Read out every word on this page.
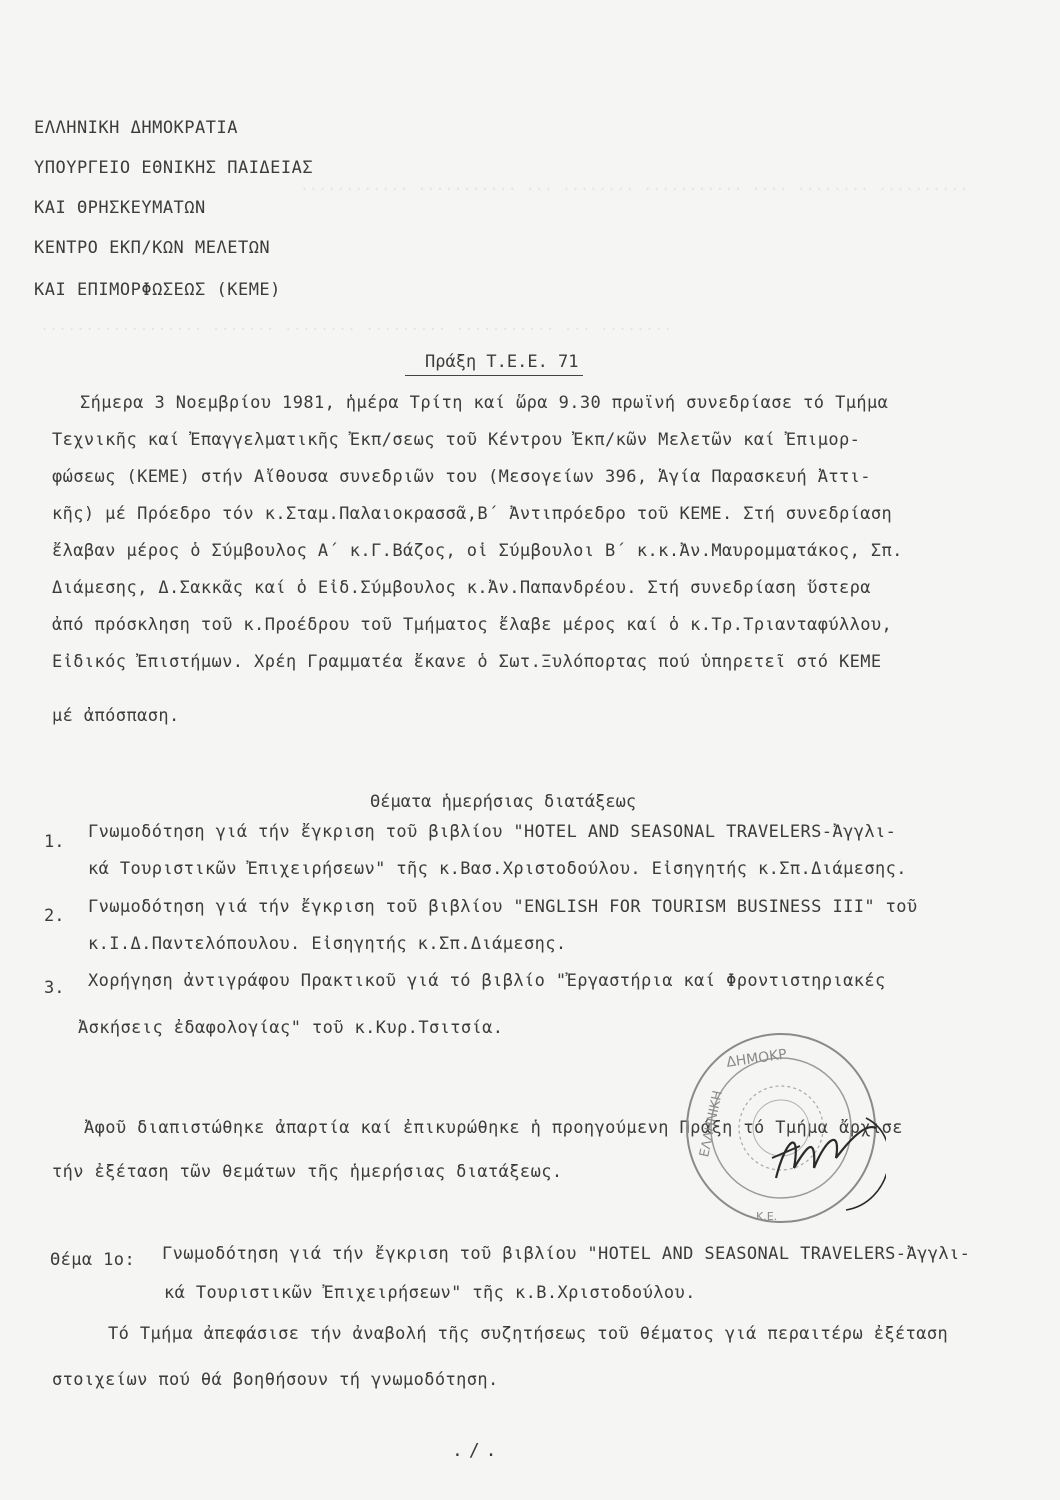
············ ··········· ··· ········ ··········· ···· ········ ··········
·················· ······· ········ ········· ··········· ··· ········
ΕΛΛΗΝΙΚΗ ΔΗΜΟΚΡΑΤΙΑ
ΥΠΟΥΡΓΕΙΟ ΕΘΝΙΚΗΣ ΠΑΙΔΕΙΑΣ
ΚΑΙ ΘΡΗΣΚΕΥΜΑΤΩΝ
ΚΕΝΤΡΟ ΕΚΠ/ΚΩΝ ΜΕΛΕΤΩΝ
ΚΑΙ ΕΠΙΜΟΡΦΩΣΕΩΣ (ΚΕΜΕ)
Πράξη Τ.Ε.Ε. 71
Σήμερα 3 Νοεμβρίου 1981, ἡμέρα Τρίτη καί ὥρα 9.30 πρωϊνή συνεδρίασε τό Τμήμα
Τεχνικῆς καί Ἐπαγγελματικῆς Ἐκπ/σεως τοῦ Κέντρου Ἐκπ/κῶν Μελετῶν καί Ἐπιμορ-
φώσεως (ΚΕΜΕ) στήν Αἴθουσα συνεδριῶν του (Μεσογείων 396, Ἁγία Παρασκευή Ἀττι-
κῆς) μέ Πρόεδρο τόν κ.Σταμ.Παλαιοκρασσᾶ,Β΄ Ἀντιπρόεδρο τοῦ ΚΕΜΕ. Στή συνεδρίαση
ἔλαβαν μέρος ὁ Σύμβουλος Α΄ κ.Γ.Βάζος, οἱ Σύμβουλοι Β΄ κ.κ.Ἀν.Μαυρομματάκος, Σπ.
Διάμεσης, Δ.Σακκᾶς καί ὁ Εἰδ.Σύμβουλος κ.Ἀν.Παπανδρέου. Στή συνεδρίαση ὕστερα
ἀπό πρόσκληση τοῦ κ.Προέδρου τοῦ Τμήματος ἔλαβε μέρος καί ὁ κ.Τρ.Τριανταφύλλου,
Εἰδικός Ἐπιστήμων. Χρέη Γραμματέα ἔκανε ὁ Σωτ.Ξυλόπορτας πού ὑπηρετεῖ στό ΚΕΜΕ
μέ ἀπόσπαση.
Θέματα ἡμερήσιας διατάξεως
1. Γνωμοδότηση γιά τήν ἔγκριση τοῦ βιβλίου "HOTEL AND SEASONAL TRAVELERS-Ἀγγλι-
κά Τουριστικῶν Ἐπιχειρήσεων" τῆς κ.Βασ.Χριστοδούλου. Εἰσηγητής κ.Σπ.Διάμεσης.
2. Γνωμοδότηση γιά τήν ἔγκριση τοῦ βιβλίου "ENGLISH FOR TOURISM BUSINESS III" τοῦ
κ.Ι.Δ.Παντελόπουλου. Εἰσηγητής κ.Σπ.Διάμεσης.
3. Χορήγηση ἀντιγράφου Πρακτικοῦ γιά τό βιβλίο "Ἐργαστήρια καί Φροντιστηριακές
Ἀσκήσεις ἐδαφολογίας" τοῦ κ.Κυρ.Τσιτσία.
Ἀφοῦ διαπιστώθηκε ἀπαρτία καί ἐπικυρώθηκε ἡ προηγούμενη Πράξη τό Τμήμα ἄρχισε
τήν ἐξέταση τῶν θεμάτων τῆς ἡμερήσιας διατάξεως.
Θέμα 1ο: Γνωμοδότηση γιά τήν ἔγκριση τοῦ βιβλίου "HOTEL AND SEASONAL TRAVELERS-Ἀγγλι-
κά Τουριστικῶν Ἐπιχειρήσεων" τῆς κ.Β.Χριστοδούλου.
Τό Τμήμα ἀπεφάσισε τήν ἀναβολή τῆς συζητήσεως τοῦ θέματος γιά περαιτέρω ἐξέταση
στοιχείων πού θά βοηθήσουν τή γνωμοδότηση.
ΔΗΜΟΚΡ
ΕΛΛΗΝΙΚΗ
Κ.Ε.
./.
